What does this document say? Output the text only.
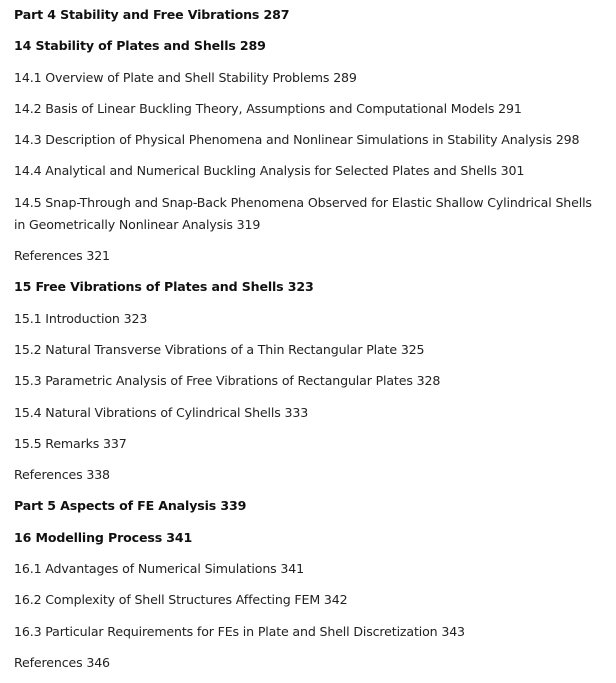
Part 4 Stability and Free Vibrations 287

14 Stability of Plates and Shells 289

14.1 Overview of Plate and Shell Stability Problems 289

14.2 Basis of Linear Buckling Theory, Assumptions and Computational Models 291

14.3 Description of Physical Phenomena and Nonlinear Simulations in Stability Analysis 298

14.4 Analytical and Numerical Buckling Analysis for Selected Plates and Shells 301

14.5 Snap-Through and Snap-Back Phenomena Observed for Elastic Shallow Cylindrical Shells in Geometrically Nonlinear Analysis 319

References 321

15 Free Vibrations of Plates and Shells 323

15.1 Introduction 323

15.2 Natural Transverse Vibrations of a Thin Rectangular Plate 325

15.3 Parametric Analysis of Free Vibrations of Rectangular Plates 328

15.4 Natural Vibrations of Cylindrical Shells 333

15.5 Remarks 337

References 338

Part 5 Aspects of FE Analysis 339

16 Modelling Process 341

16.1 Advantages of Numerical Simulations 341

16.2 Complexity of Shell Structures Affecting FEM 342

16.3 Particular Requirements for FEs in Plate and Shell Discretization 343

References 346
